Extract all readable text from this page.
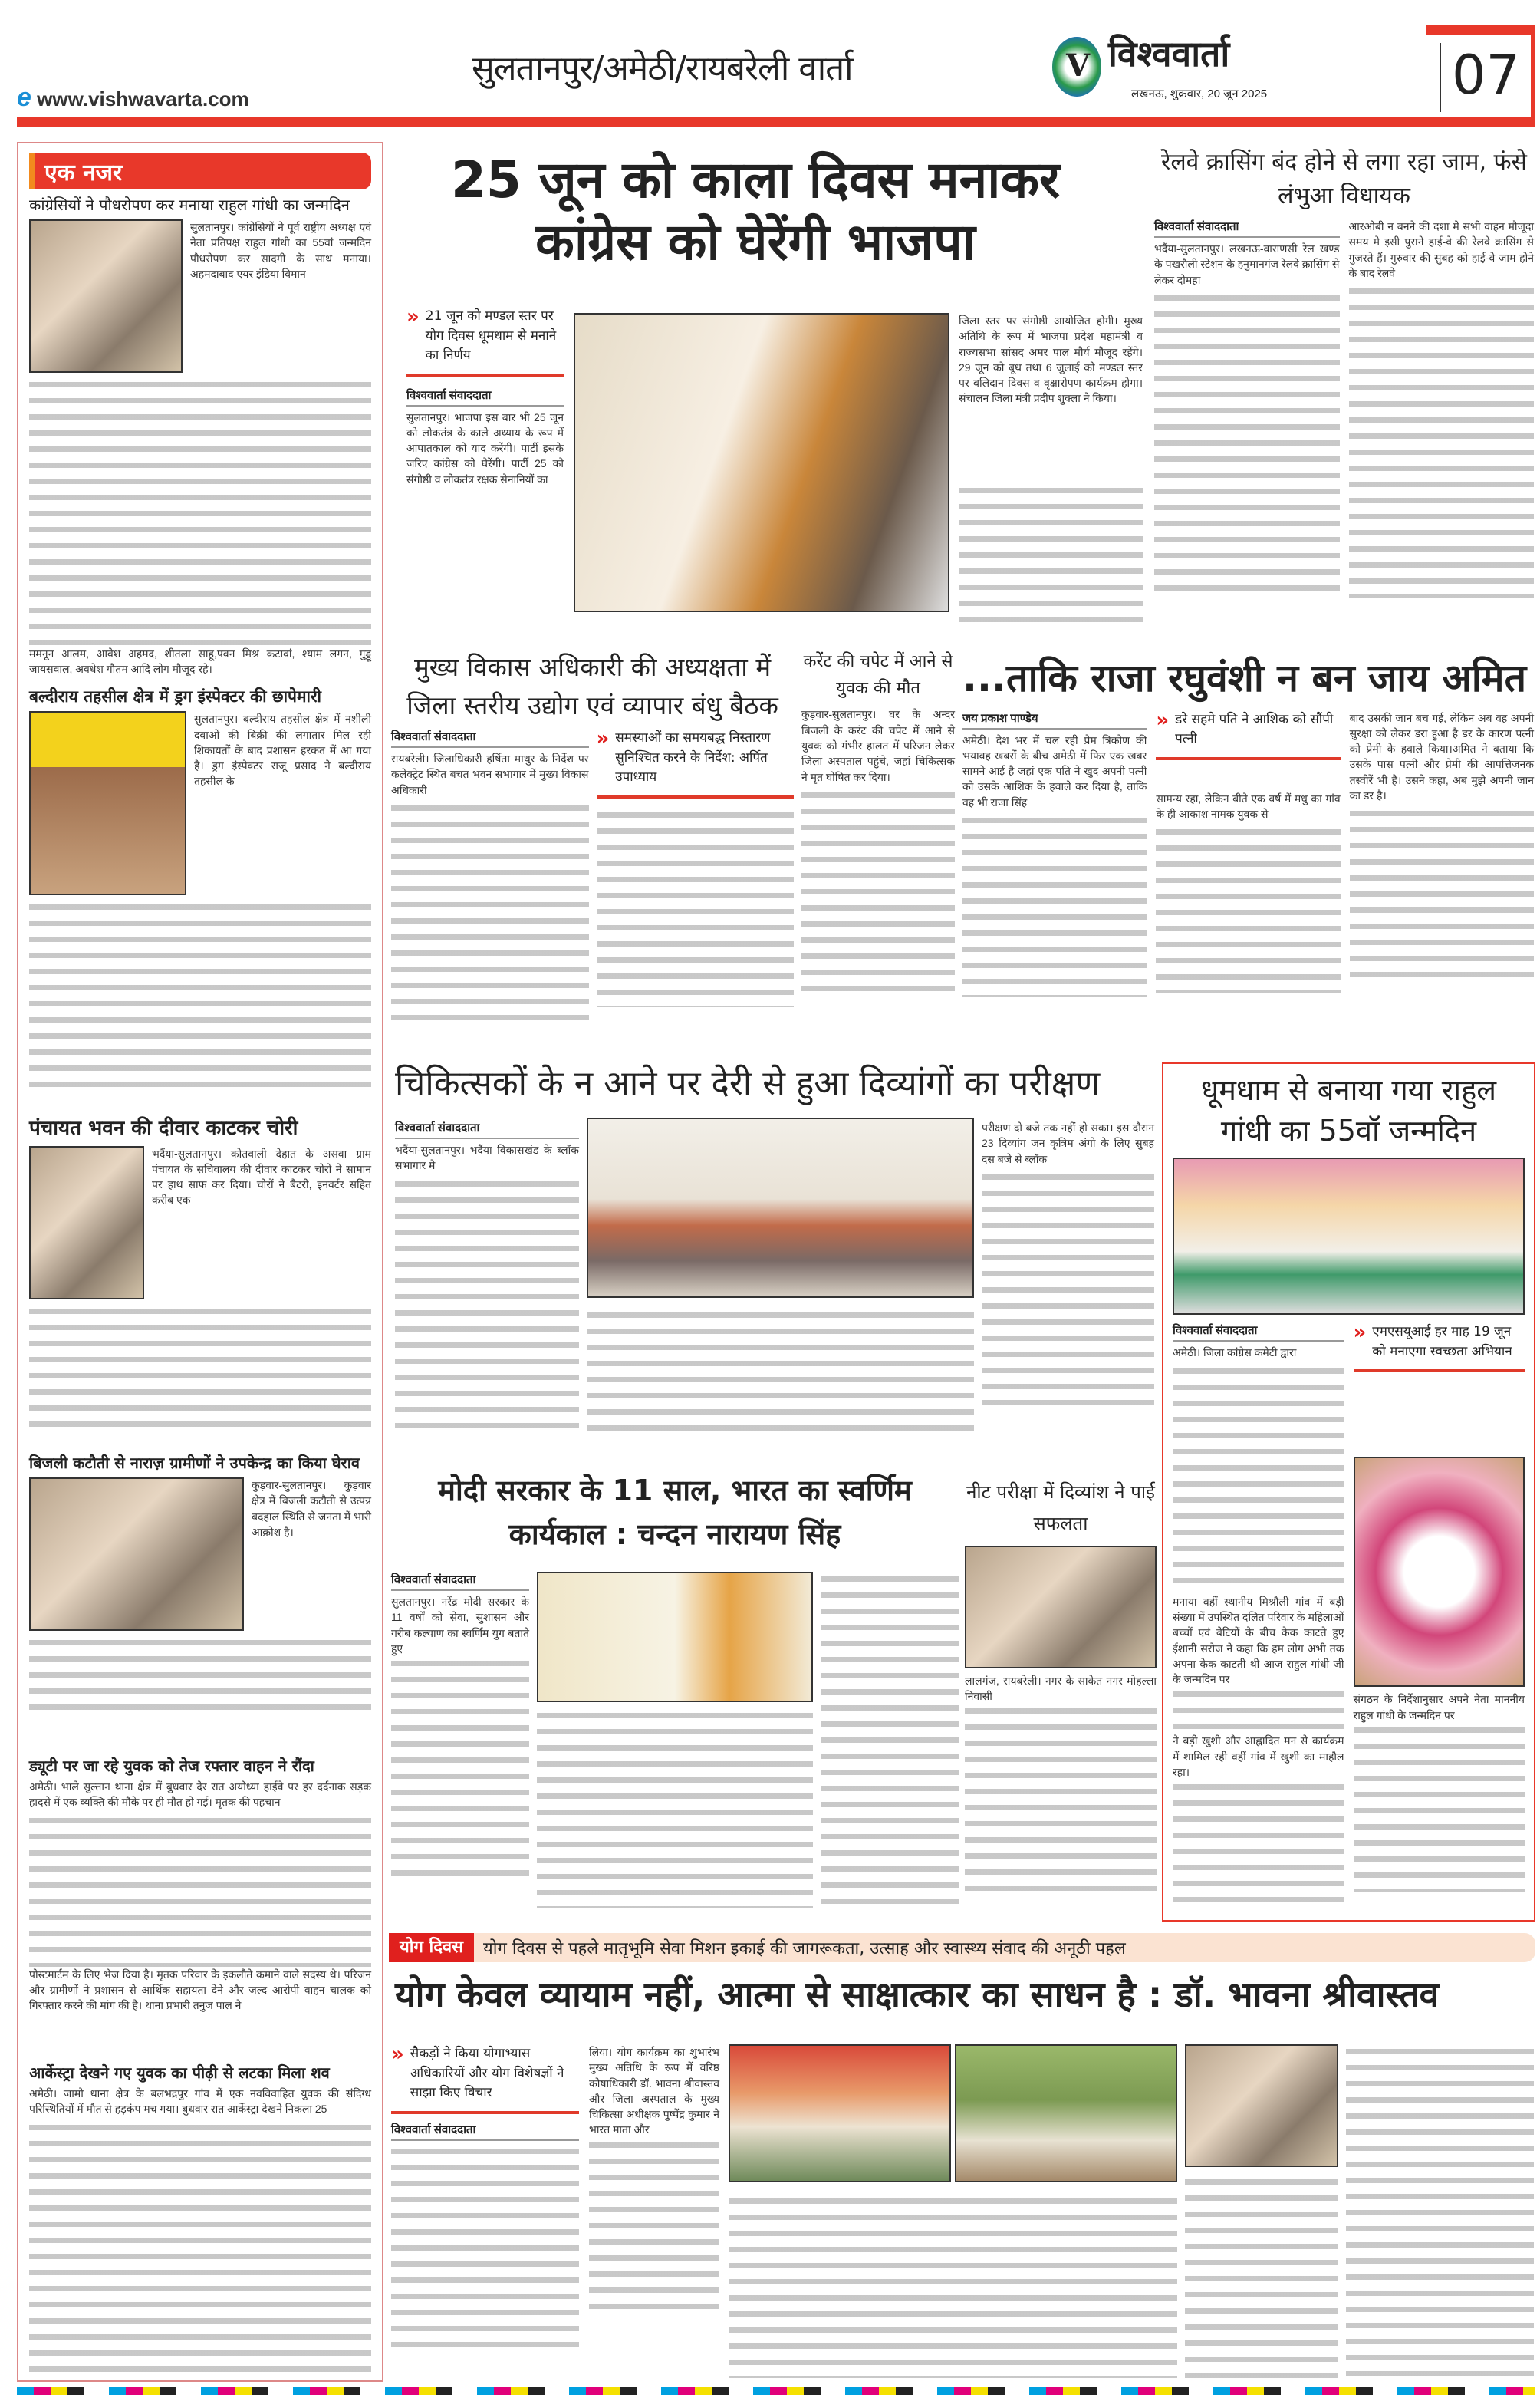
e www.vishwavarta.com
सुलतानपुर/अमेठी/रायबरेली वार्ता	V विश्ववार्ता
लखनऊ, शुक्रवार, 20 जून 2025	07
एक नजर
कांग्रेसियों ने पौधरोपण कर मनाया राहुल गांधी का जन्मदिन
सुलतानपुर। कांग्रेसियों ने पूर्व राष्ट्रीय अध्यक्ष एवं नेता प्रतिपक्ष राहुल गांधी का 55वां जन्मदिन पौधरोपण कर सादगी के साथ मनाया। अहमदाबाद एयर इंडिया विमान
ममनून आलम, आवेश अहमद, शीतला साहू,पवन मिश्र कटावां, श्याम लगन, गुड्डू जायसवाल, अवधेश गौतम आदि लोग मौजूद रहे।
बल्दीराय तहसील क्षेत्र में ड्रग इंस्पेक्टर की छापेमारी
सुलतानपुर। बल्दीराय तहसील क्षेत्र में नशीली दवाओं की बिक्री की लगातार मिल रही शिकायतों के बाद प्रशासन हरकत में आ गया है। ड्रग इंस्पेक्टर राजू प्रसाद ने बल्दीराय तहसील के
पंचायत भवन की दीवार काटकर चोरी
भदैंया-सुलतानपुर। कोतवाली देहात के असवा ग्राम पंचायत के सचिवालय की दीवार काटकर चोरों ने सामान पर हाथ साफ कर दिया। चोरों ने बैटरी, इनवर्टर सहित करीब एक
बिजली कटौती से नाराज़ ग्रामीणों ने उपकेन्द्र का किया घेराव
कुड़वार-सुलतानपुर। कुड़वार क्षेत्र में बिजली कटौती से उत्पन्न बदहाल स्थिति से जनता में भारी आक्रोश है।
ड्यूटी पर जा रहे युवक को तेज रफ्तार वाहन ने रौंदा
अमेठी। भाले सुल्तान थाना क्षेत्र में बुधवार देर रात अयोध्या हाईवे पर हर दर्दनाक सड़क हादसे में एक व्यक्ति की मौके पर ही मौत हो गई। मृतक की पहचान
पोस्टमार्टम के लिए भेज दिया है। मृतक परिवार के इकलौते कमाने वाले सदस्य थे। परिजन और ग्रामीणों ने प्रशासन से आर्थिक सहायता देने और जल्द आरोपी वाहन चालक को गिरफ्तार करने की मांग की है। थाना प्रभारी तनुज पाल ने
आर्केस्ट्रा देखने गए युवक का पीढ़ी से लटका मिला शव
अमेठी। जामो थाना क्षेत्र के बलभद्रपुर गांव में एक नवविवाहित युवक की संदिग्ध परिस्थितियों में मौत से हड़कंप मच गया। बुधवार रात आर्केस्ट्रा देखने निकला 25
25 जून को काला दिवस मनाकर कांग्रेस को घेरेंगी भाजपा
» 21 जून को मण्डल स्तर पर योग दिवस धूमधाम से मनाने का निर्णय
विश्ववार्ता संवाददाता
सुलतानपुर। भाजपा इस बार भी 25 जून को लोकतंत्र के काले अध्याय के रूप में आपातकाल को याद करेंगी। पार्टी इसके जरिए कांग्रेस को घेरेंगी। पार्टी 25 को संगोष्ठी व लोकतंत्र रक्षक सेनानियों का
जिला स्तर पर संगोष्ठी आयोजित होगी। मुख्य अतिथि के रूप में भाजपा प्रदेश महामंत्री व राज्यसभा सांसद अमर पाल मौर्य मौजूद रहेंगे। 29 जून को बूथ तथा 6 जुलाई को मण्डल स्तर पर बलिदान दिवस व वृक्षारोपण कार्यक्रम होगा। संचालन जिला मंत्री प्रदीप शुक्ला ने किया।
रेलवे क्रासिंग बंद होने से लगा रहा जाम, फंसे लंभुआ विधायक
विश्ववार्ता संवाददाता
भदैंया-सुलतानपुर। लखनऊ-वाराणसी रेल खण्ड के पखरौली स्टेशन के हनुमानगंज रेलवे क्रासिंग से लेकर दोमहा
आरओबी न बनने की दशा मे सभी वाहन मौजूदा समय मे इसी पुराने हाई-वे की रेलवे क्रासिंग से गुजरते हैं। गुरुवार की सुबह को हाई-वे जाम होने के बाद रेलवे
मुख्य विकास अधिकारी की अध्यक्षता में जिला स्तरीय उद्योग एवं व्यापार बंधु बैठक
विश्ववार्ता संवाददाता
रायबरेली। जिलाधिकारी हर्षिता माथुर के निर्देश पर कलेक्ट्रेट स्थित बचत भवन सभागार में मुख्य विकास अधिकारी
» समस्याओं का समयबद्ध निस्तारण सुनिश्चित करने के निर्देश: अर्पित उपाध्याय
करेंट की चपेट में आने से युवक की मौत
कुड़वार-सुलतानपुर। घर के अन्दर बिजली के करंट की चपेट में आने से युवक को गंभीर हालत में परिजन लेकर जिला अस्पताल पहुंचे, जहां चिकित्सक ने मृत घोषित कर दिया।
...ताकि राजा रघुवंशी न बन जाय अमित
जय प्रकाश पाण्डेय
अमेठी। देश भर में चल रही प्रेम त्रिकोण की भयावह खबरों के बीच अमेठी में फिर एक खबर सामने आई है जहां एक पति ने खुद अपनी पत्नी को उसके आशिक के हवाले कर दिया है, ताकि वह भी राजा सिंह
» डरे सहमे पति ने आशिक को सौंपी पत्नी
सामन्य रहा, लेकिन बीते एक वर्ष में मधु का गांव के ही आकाश नामक युवक से
बाद उसकी जान बच गई, लेकिन अब वह अपनी सुरक्षा को लेकर डरा हुआ है डर के कारण पत्नी को प्रेमी के हवाले किया।अमित ने बताया कि उसके पास पत्नी और प्रेमी की आपत्तिजनक तस्वीरें भी है। उसने कहा, अब मुझे अपनी जान का डर है।
चिकित्सकों के न आने पर देरी से हुआ दिव्यांगों का परीक्षण
विश्ववार्ता संवाददाता
भदैंया-सुलतानपुर। भदैंया विकासखंड के ब्लॉक सभागार मे
परीक्षण दो बजे तक नहीं हो सका। इस दौरान 23 दिव्यांग जन कृत्रिम अंगो के लिए सुबह दस बजे से ब्लॉक
धूमधाम से बनाया गया राहुल गांधी का 55वॉ जन्मदिन
विश्ववार्ता संवाददाता
अमेठी। जिला कांग्रेस कमेटी द्वारा
मनाया वहीं स्थानीय मिश्रौली गांव में बड़ी संख्या में उपस्थित दलित परिवार के महिलाओं बच्चों एवं बेटियों के बीच केक काटते हुए ईशानी सरोज ने कहा कि हम लोग अभी तक अपना केक काटती थी आज राहुल गांधी जी के जन्मदिन पर
ने बड़ी खुशी और आह्लादित मन से कार्यक्रम में शामिल रही वहीं गांव में खुशी का माहौल रहा।
» एमएसयूआई हर माह 19 जून को मनाएगा स्वच्छता अभियान
संगठन के निर्देशानुसार अपने नेता माननीय राहुल गांधी के जन्मदिन पर
मोदी सरकार के 11 साल, भारत का स्वर्णिम कार्यकाल : चन्दन नारायण सिंह
विश्ववार्ता संवाददाता
सुलतानपुर। नरेंद्र मोदी सरकार के 11 वर्षों को सेवा, सुशासन और गरीब कल्याण का स्वर्णिम युग बताते हुए
नीट परीक्षा में दिव्यांश ने पाई सफलता
लालगंज, रायबरेली। नगर के साकेत नगर मोहल्ला निवासी
योग दिवस	योग दिवस से पहले मातृभूमि सेवा मिशन इकाई की जागरूकता, उत्साह और स्वास्थ्य संवाद की अनूठी पहल
योग केवल व्यायाम नहीं, आत्मा से साक्षात्कार का साधन है : डॉ. भावना श्रीवास्तव
» सैकड़ों ने किया योगाभ्यास अधिकारियों और योग विशेषज्ञों ने साझा किए विचार
विश्ववार्ता संवाददाता
लिया। योग कार्यक्रम का शुभारंभ मुख्य अतिथि के रूप में वरिष्ठ कोषाधिकारी डॉ. भावना श्रीवास्तव और जिला अस्पताल के मुख्य चिकित्सा अधीक्षक पुष्पेंद्र कुमार ने भारत माता और
